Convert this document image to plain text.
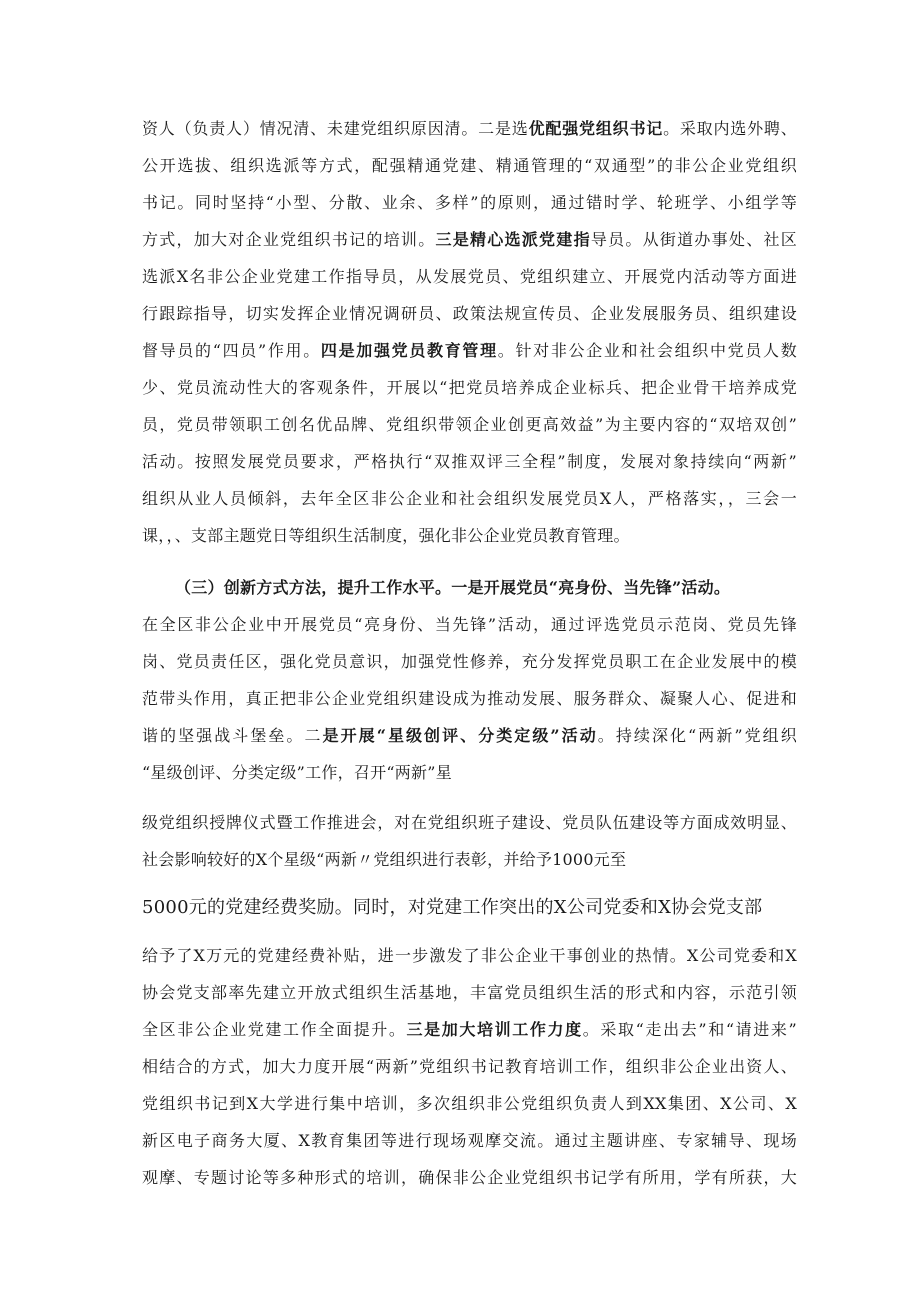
资人（负责人）情况清、未建党组织原因清。二是选优配强党组织书记。采取内选外聘、
公开选拔、组织选派等方式，配强精通党建、精通管理的“双通型”的非公企业党组织
书记。同时坚持“小型、分散、业余、多样”的原则，通过错时学、轮班学、小组学等
方式，加大对企业党组织书记的培训。三是精心选派党建指导员。从街道办事处、社区
选派X名非公企业党建工作指导员，从发展党员、党组织建立、开展党内活动等方面进
行跟踪指导，切实发挥企业情况调研员、政策法规宣传员、企业发展服务员、组织建设
督导员的“四员”作用。四是加强党员教育管理。针对非公企业和社会组织中党员人数
少、党员流动性大的客观条件，开展以“把党员培养成企业标兵、把企业骨干培养成党
员，党员带领职工创名优品牌、党组织带领企业创更高效益”为主要内容的“双培双创”
活动。按照发展党员要求，严格执行“双推双评三全程”制度，发展对象持续向“两新”
组织从业人员倾斜，去年全区非公企业和社会组织发展党员X人，严格落实，，三会一
课，，、支部主题党日等组织生活制度，强化非公企业党员教育管理。
（三）创新方式方法，提升工作水平。一是开展党员“亮身份、当先锋”活动。
在全区非公企业中开展党员“亮身份、当先锋”活动，通过评选党员示范岗、党员先锋
岗、党员责任区，强化党员意识，加强党性修养，充分发挥党员职工在企业发展中的模
范带头作用，真正把非公企业党组织建设成为推动发展、服务群众、凝聚人心、促进和
谐的坚强战斗堡垒。二是开展“星级创评、分类定级”活动。持续深化“两新”党组织
“星级创评、分类定级”工作，召开“两新”星
级党组织授牌仪式暨工作推进会，对在党组织班子建设、党员队伍建设等方面成效明显、
社会影响较好的X个星级“两新〃党组织进行表彰，并给予1000元至
5000元的党建经费奖励。同时，对党建工作突出的X公司党委和X协会党支部
给予了X万元的党建经费补贴，进一步激发了非公企业干事创业的热情。X公司党委和X
协会党支部率先建立开放式组织生活基地，丰富党员组织生活的形式和内容，示范引领
全区非公企业党建工作全面提升。三是加大培训工作力度。采取“走出去”和“请进来”
相结合的方式，加大力度开展“两新”党组织书记教育培训工作，组织非公企业出资人、
党组织书记到X大学进行集中培训，多次组织非公党组织负责人到XX集团、X公司、X
新区电子商务大厦、X教育集团等进行现场观摩交流。通过主题讲座、专家辅导、现场
观摩、专题讨论等多种形式的培训，确保非公企业党组织书记学有所用，学有所获，大
